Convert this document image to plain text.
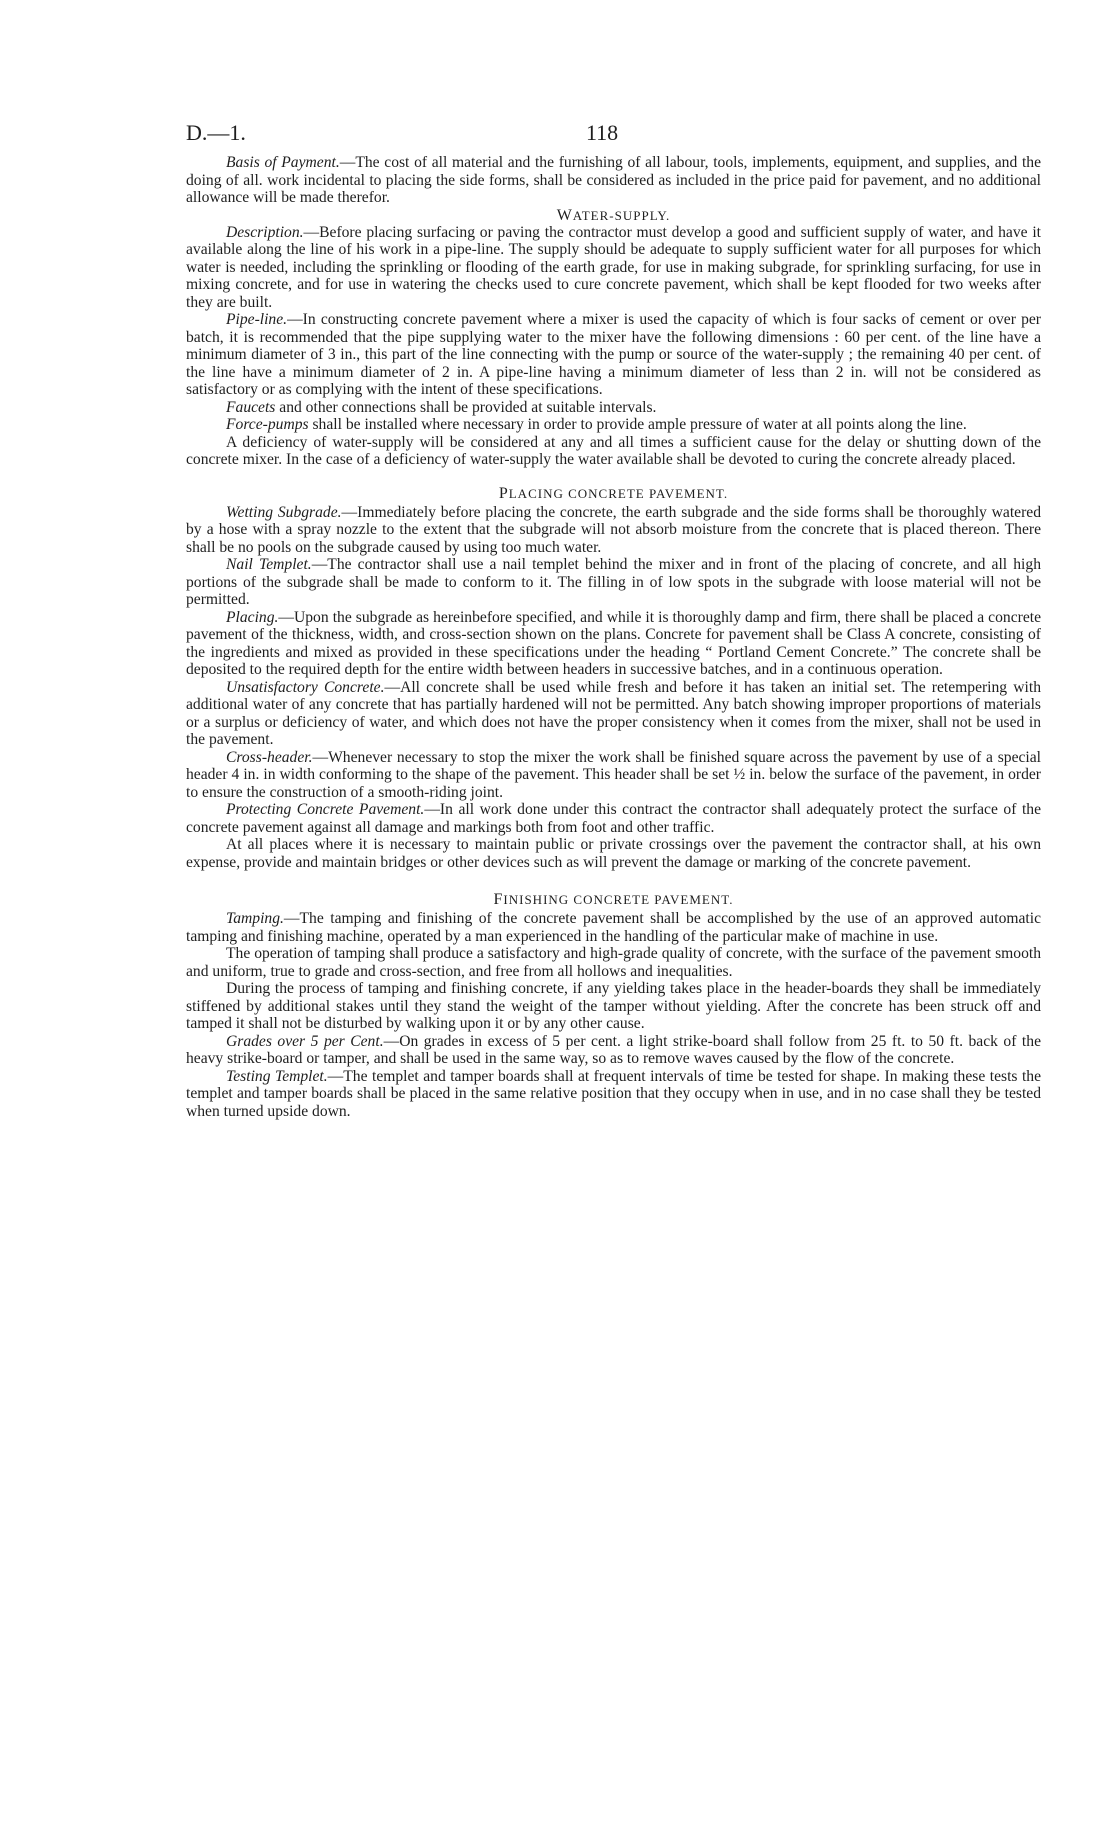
D.—1.	118

Basis of Payment.—The cost of all material and the furnishing of all labour, tools, implements, equipment, and supplies, and the doing of all. work incidental to placing the side forms, shall be considered as included in the price paid for pavement, and no additional allowance will be made therefor.

WATER-SUPPLY.

Description.—Before placing surfacing or paving the contractor must develop a good and sufficient supply of water, and have it available along the line of his work in a pipe-line. The supply should be adequate to supply sufficient water for all purposes for which water is needed, including the sprinkling or flooding of the earth grade, for use in making subgrade, for sprinkling surfacing, for use in mixing concrete, and for use in watering the checks used to cure concrete pavement, which shall be kept flooded for two weeks after they are built.

Pipe-line.—In constructing concrete pavement where a mixer is used the capacity of which is four sacks of cement or over per batch, it is recommended that the pipe supplying water to the mixer have the following dimensions : 60 per cent. of the line have a minimum diameter of 3 in., this part of the line connecting with the pump or source of the water-supply ; the remaining 40 per cent. of the line have a minimum diameter of 2 in. A pipe-line having a minimum diameter of less than 2 in. will not be considered as satisfactory or as complying with the intent of these specifications.

Faucets and other connections shall be provided at suitable intervals.

Force-pumps shall be installed where necessary in order to provide ample pressure of water at all points along the line.

A deficiency of water-supply will be considered at any and all times a sufficient cause for the delay or shutting down of the concrete mixer. In the case of a deficiency of water-supply the water available shall be devoted to curing the concrete already placed.

PLACING CONCRETE PAVEMENT.

Wetting Subgrade.—Immediately before placing the concrete, the earth subgrade and the side forms shall be thoroughly watered by a hose with a spray nozzle to the extent that the subgrade will not absorb moisture from the concrete that is placed thereon. There shall be no pools on the subgrade caused by using too much water.

Nail Templet.—The contractor shall use a nail templet behind the mixer and in front of the placing of concrete, and all high portions of the subgrade shall be made to conform to it. The filling in of low spots in the subgrade with loose material will not be permitted.

Placing.—Upon the subgrade as hereinbefore specified, and while it is thoroughly damp and firm, there shall be placed a concrete pavement of the thickness, width, and cross-section shown on the plans. Concrete for pavement shall be Class A concrete, consisting of the ingredients and mixed as provided in these specifications under the heading “ Portland Cement Concrete.” The concrete shall be deposited to the required depth for the entire width between headers in successive batches, and in a continuous operation.

Unsatisfactory Concrete.—All concrete shall be used while fresh and before it has taken an initial set. The retempering with additional water of any concrete that has partially hardened will not be permitted. Any batch showing improper proportions of materials or a surplus or deficiency of water, and which does not have the proper consistency when it comes from the mixer, shall not be used in the pavement.

Cross-header.—Whenever necessary to stop the mixer the work shall be finished square across the pavement by use of a special header 4 in. in width conforming to the shape of the pavement. This header shall be set ½ in. below the surface of the pavement, in order to ensure the construction of a smooth-riding joint.

Protecting Concrete Pavement.—In all work done under this contract the contractor shall adequately protect the surface of the concrete pavement against all damage and markings both from foot and other traffic.

At all places where it is necessary to maintain public or private crossings over the pavement the contractor shall, at his own expense, provide and maintain bridges or other devices such as will prevent the damage or marking of the concrete pavement.

FINISHING CONCRETE PAVEMENT.

Tamping.—The tamping and finishing of the concrete pavement shall be accomplished by the use of an approved automatic tamping and finishing machine, operated by a man experienced in the handling of the particular make of machine in use.

The operation of tamping shall produce a satisfactory and high-grade quality of concrete, with the surface of the pavement smooth and uniform, true to grade and cross-section, and free from all hollows and inequalities.

During the process of tamping and finishing concrete, if any yielding takes place in the header-boards they shall be immediately stiffened by additional stakes until they stand the weight of the tamper without yielding. After the concrete has been struck off and tamped it shall not be disturbed by walking upon it or by any other cause.

Grades over 5 per Cent.—On grades in excess of 5 per cent. a light strike-board shall follow from 25 ft. to 50 ft. back of the heavy strike-board or tamper, and shall be used in the same way, so as to remove waves caused by the flow of the concrete.

Testing Templet.—The templet and tamper boards shall at frequent intervals of time be tested for shape. In making these tests the templet and tamper boards shall be placed in the same relative position that they occupy when in use, and in no case shall they be tested when turned upside down.
